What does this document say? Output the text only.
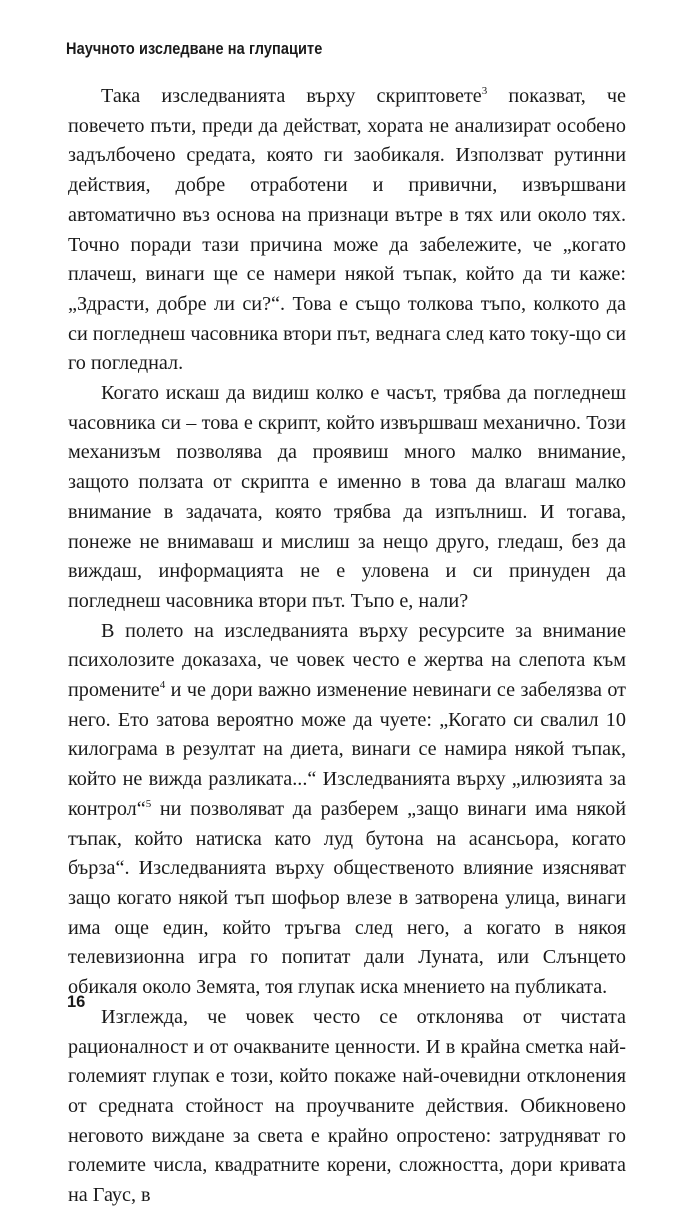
Научното изследване на глупаците

Така изследванията върху скриптовете$^3$ показват, че повечето пъти, преди да действат, хората не анализират особено задълбочено средата, която ги заобикаля. Използват рутинни действия, добре отработени и привични, извършвани автоматично въз основа на признаци вътре в тях или около тях. Точно поради тази причина може да забележите, че „когато плачеш, винаги ще се намери някой тъпак, който да ти каже: „Здрасти, добре ли си?“. Това е също толкова тъпо, колкото да си погледнеш часовника втори път, веднага след като току-що си го погледнал.

Когато искаш да видиш колко е часът, трябва да погледнеш часовника си – това е скрипт, който извършваш механично. Този механизъм позволява да проявиш много малко внимание, защото ползата от скрипта е именно в това да влагаш малко внимание в задачата, която трябва да изпълниш. И тогава, понеже не внимаваш и мислиш за нещо друго, гледаш, без да виждаш, информацията не е уловена и си принуден да погледнеш часовника втори път. Тъпо е, нали?

В полето на изследванията върху ресурсите за внимание психолозите доказаха, че човек често е жертва на слепота към промените$^4$ и че дори важно изменение невинаги се забелязва от него. Ето затова вероятно може да чуете: „Когато си свалил 10 килограма в резултат на диета, винаги се намира някой тъпак, който не вижда разликата...“ Изследванията върху „илюзията за контрол“$^5$ ни позволяват да разберем „защо винаги има някой тъпак, който натиска като луд бутона на асансьора, когато бърза“. Изследванията върху общественото влияние изясняват защо когато някой тъп шофьор влезе в затворена улица, винаги има още един, който тръгва след него, а когато в някоя телевизионна игра го попитат дали Луната, или Слънцето обикаля около Земята, тоя глупак иска мнението на публиката.

Изглежда, че човек често се отклонява от чистата рационалност и от очакваните ценности. И в крайна сметка най-големият глупак е този, който покаже най-очевидни отклонения от средната стойност на проучваните действия. Обикновено неговото виждане за света е крайно опростено: затрудняват го големите числа, квадратните корени, сложността, дори кривата на Гаус, в

16
